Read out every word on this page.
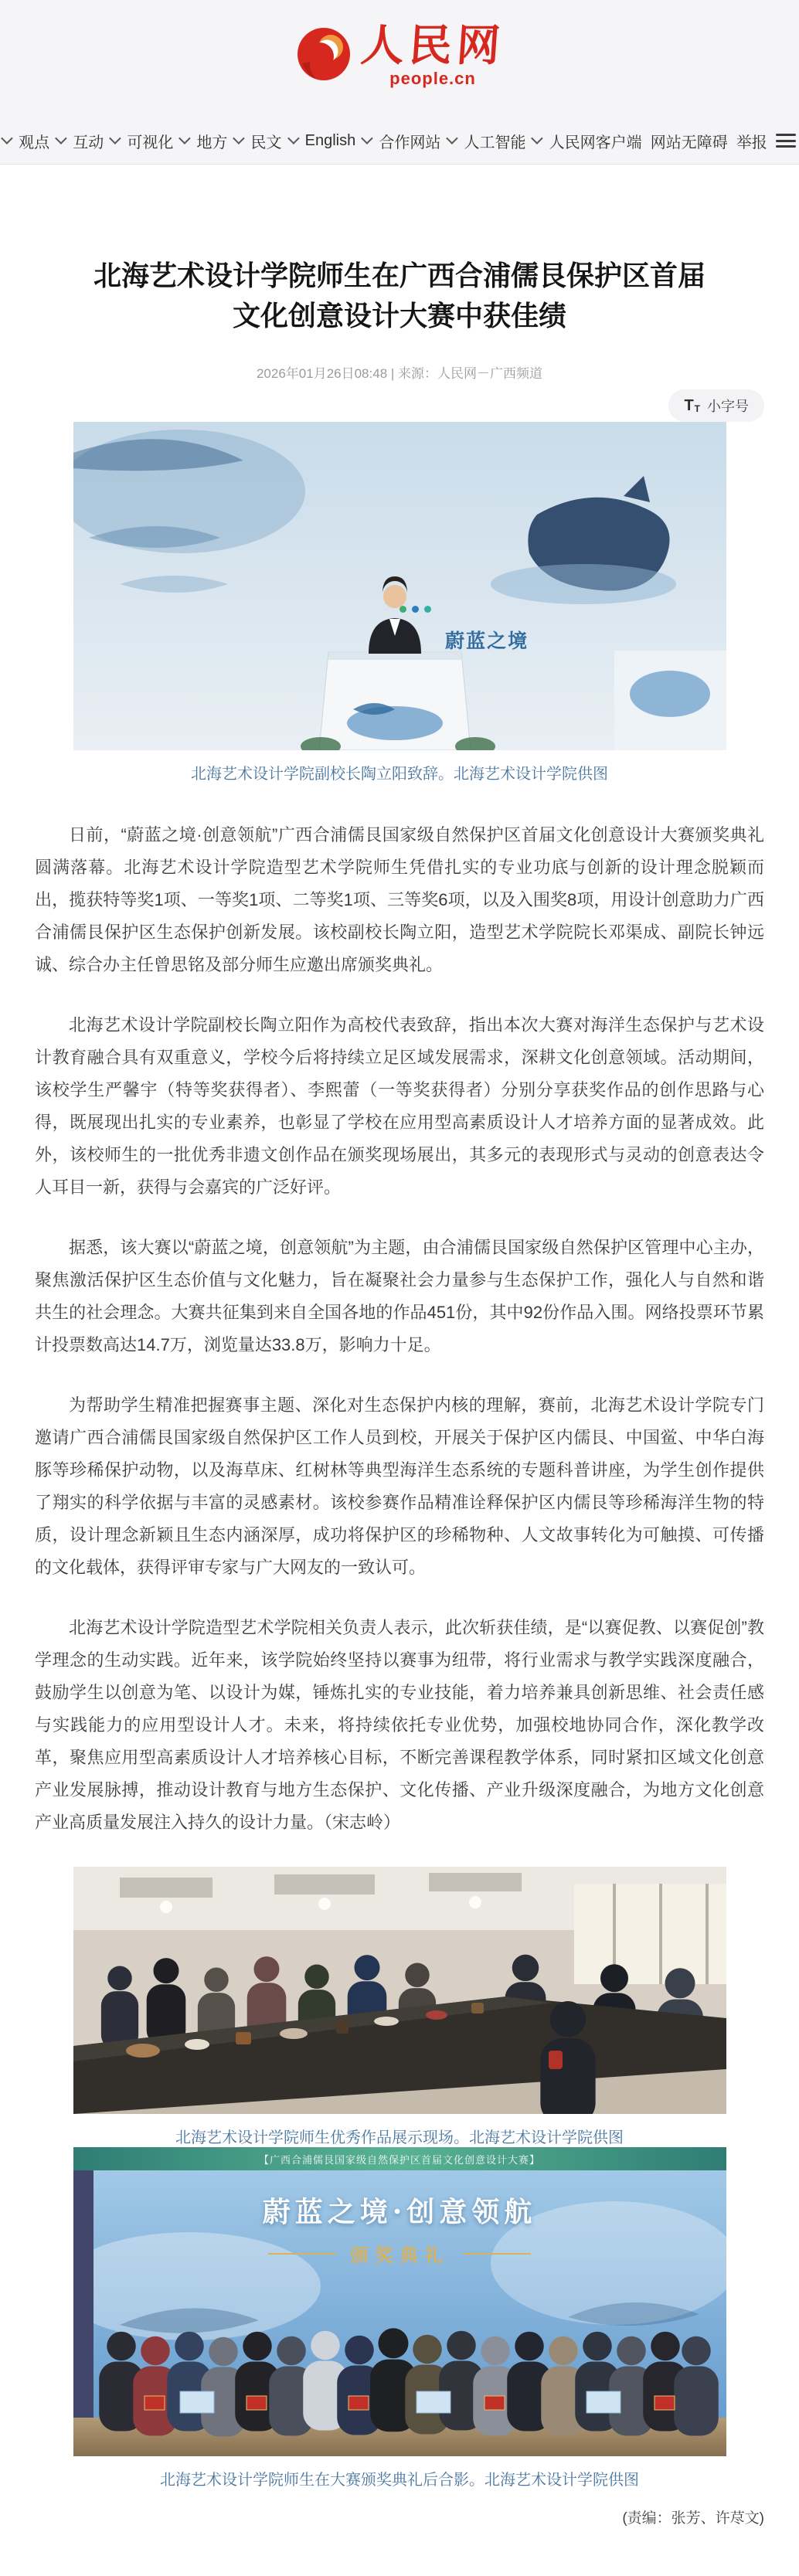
人民网
people.cn
观点 互动 可视化 地方 民文 English 合作网站 人工智能 人民网客户端 网站无障碍 举报
北海艺术设计学院师生在广西合浦儒艮保护区首届
文化创意设计大赛中获佳绩
2026年01月26日08:48 | 来源：人民网－广西频道
T T 小字号
蔚蓝之境
北海艺术设计学院副校长陶立阳致辞。北海艺术设计学院供图

日前，“蔚蓝之境·创意领航”广西合浦儒艮国家级自然保护区首届文化创意设计大赛颁奖典礼圆满落幕。北海艺术设计学院造型艺术学院师生凭借扎实的专业功底与创新的设计理念脱颖而出，揽获特等奖1项、一等奖1项、二等奖1项、三等奖6项，以及入围奖8项，用设计创意助力广西合浦儒艮保护区生态保护创新发展。该校副校长陶立阳，造型艺术学院院长邓渠成、副院长钟远诚、综合办主任曾思铭及部分师生应邀出席颁奖典礼。

北海艺术设计学院副校长陶立阳作为高校代表致辞，指出本次大赛对海洋生态保护与艺术设计教育融合具有双重意义，学校今后将持续立足区域发展需求，深耕文化创意领域。活动期间，该校学生严馨宇（特等奖获得者）、李熙蕾（一等奖获得者）分别分享获奖作品的创作思路与心得，既展现出扎实的专业素养，也彰显了学校在应用型高素质设计人才培养方面的显著成效。此外，该校师生的一批优秀非遗文创作品在颁奖现场展出，其多元的表现形式与灵动的创意表达令人耳目一新，获得与会嘉宾的广泛好评。

据悉，该大赛以“蔚蓝之境，创意领航”为主题，由合浦儒艮国家级自然保护区管理中心主办，聚焦激活保护区生态价值与文化魅力，旨在凝聚社会力量参与生态保护工作，强化人与自然和谐共生的社会理念。大赛共征集到来自全国各地的作品451份，其中92份作品入围。网络投票环节累计投票数高达14.7万，浏览量达33.8万，影响力十足。

为帮助学生精准把握赛事主题、深化对生态保护内核的理解，赛前，北海艺术设计学院专门邀请广西合浦儒艮国家级自然保护区工作人员到校，开展关于保护区内儒艮、中国鲎、中华白海豚等珍稀保护动物，以及海草床、红树林等典型海洋生态系统的专题科普讲座，为学生创作提供了翔实的科学依据与丰富的灵感素材。该校参赛作品精准诠释保护区内儒艮等珍稀海洋生物的特质，设计理念新颖且生态内涵深厚，成功将保护区的珍稀物种、人文故事转化为可触摸、可传播的文化载体，获得评审专家与广大网友的一致认可。

北海艺术设计学院造型艺术学院相关负责人表示，此次斩获佳绩，是“以赛促教、以赛促创”教学理念的生动实践。近年来，该学院始终坚持以赛事为纽带，将行业需求与教学实践深度融合，鼓励学生以创意为笔、以设计为媒，锤炼扎实的专业技能，着力培养兼具创新思维、社会责任感与实践能力的应用型设计人才。未来，将持续依托专业优势，加强校地协同合作，深化教学改革，聚焦应用型高素质设计人才培养核心目标，不断完善课程教学体系，同时紧扣区域文化创意产业发展脉搏，推动设计教育与地方生态保护、文化传播、产业升级深度融合，为地方文化创意产业高质量发展注入持久的设计力量。（宋志岭）

北海艺术设计学院师生优秀作品展示现场。北海艺术设计学院供图
【广西合浦儒艮国家级自然保护区首届文化创意设计大赛】
蔚蓝之境·创意领航
颁奖典礼
北海艺术设计学院师生在大赛颁奖典礼后合影。北海艺术设计学院供图
(责编：张芳、许荩文)
